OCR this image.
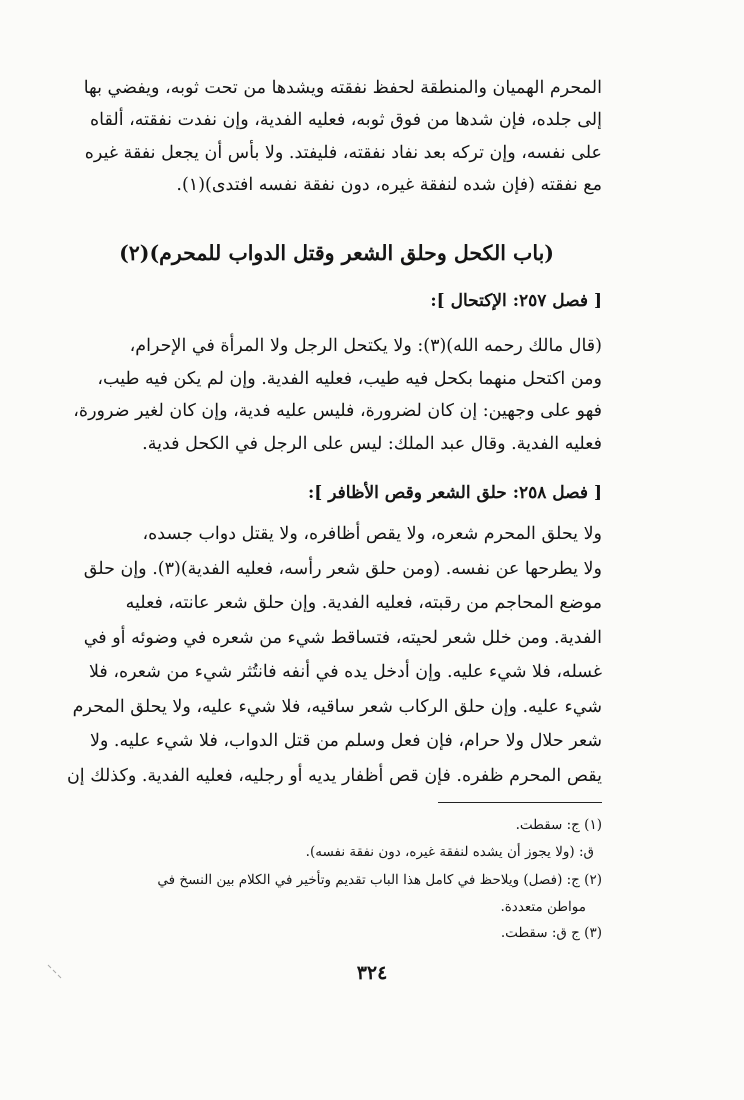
المحرم الهميان والمنطقة لحفظ نفقته ويشدها من تحت ثوبه، ويفضي بها
إلى جلده، فإن شدها من فوق ثوبه، فعليه الفدية، وإن نفدت نفقته، ألقاه
على نفسه، وإن تركه بعد نفاد نفقته، فليفتد. ولا بأس أن يجعل نفقة غيره
مع نفقته (فإن شده لنفقة غيره، دون نفقة نفسه افتدى)(١).
(باب الكحل وحلق الشعر وقتل الدواب للمحرم)(٢)
[ فصل ٢٥٧: الإكتحال ]:
(قال مالك رحمه الله)(٣): ولا يكتحل الرجل ولا المرأة في الإحرام،
ومن اكتحل منهما بكحل فيه طيب، فعليه الفدية. وإن لم يكن فيه طيب،
فهو على وجهين: إن كان لضرورة، فليس عليه فدية، وإن كان لغير ضرورة،
فعليه الفدية. وقال عبد الملك: ليس على الرجل في الكحل فدية.
[ فصل ٢٥٨: حلق الشعر وقص الأظافر ]:
ولا يحلق المحرم شعره، ولا يقص أظافره، ولا يقتل دواب جسده،
ولا يطرحها عن نفسه. (ومن حلق شعر رأسه، فعليه الفدية)(٣). وإن حلق
موضع المحاجم من رقبته، فعليه الفدية. وإن حلق شعر عانته، فعليه
الفدية. ومن خلل شعر لحيته، فتساقط شيء من شعره في وضوئه أو في
غسله، فلا شيء عليه. وإن أدخل يده في أنفه فانتُثر شيء من شعره، فلا
شيء عليه. وإن حلق الركاب شعر ساقيه، فلا شيء عليه، ولا يحلق المحرم
شعر حلال ولا حرام، فإن فعل وسلم من قتل الدواب، فلا شيء عليه. ولا
يقص المحرم ظفره. فإن قص أظفار يديه أو رجليه، فعليه الفدية. وكذلك إن
(١) ج: سقطت.
ق: (ولا يجوز أن يشده لنفقة غيره، دون نفقة نفسه).
(٢) ج: (فصل) ويلاحظ في كامل هذا الباب تقديم وتأخير في الكلام بين النسخ في
مواطن متعددة.
(٣) ج ق: سقطت.
٣٢٤
